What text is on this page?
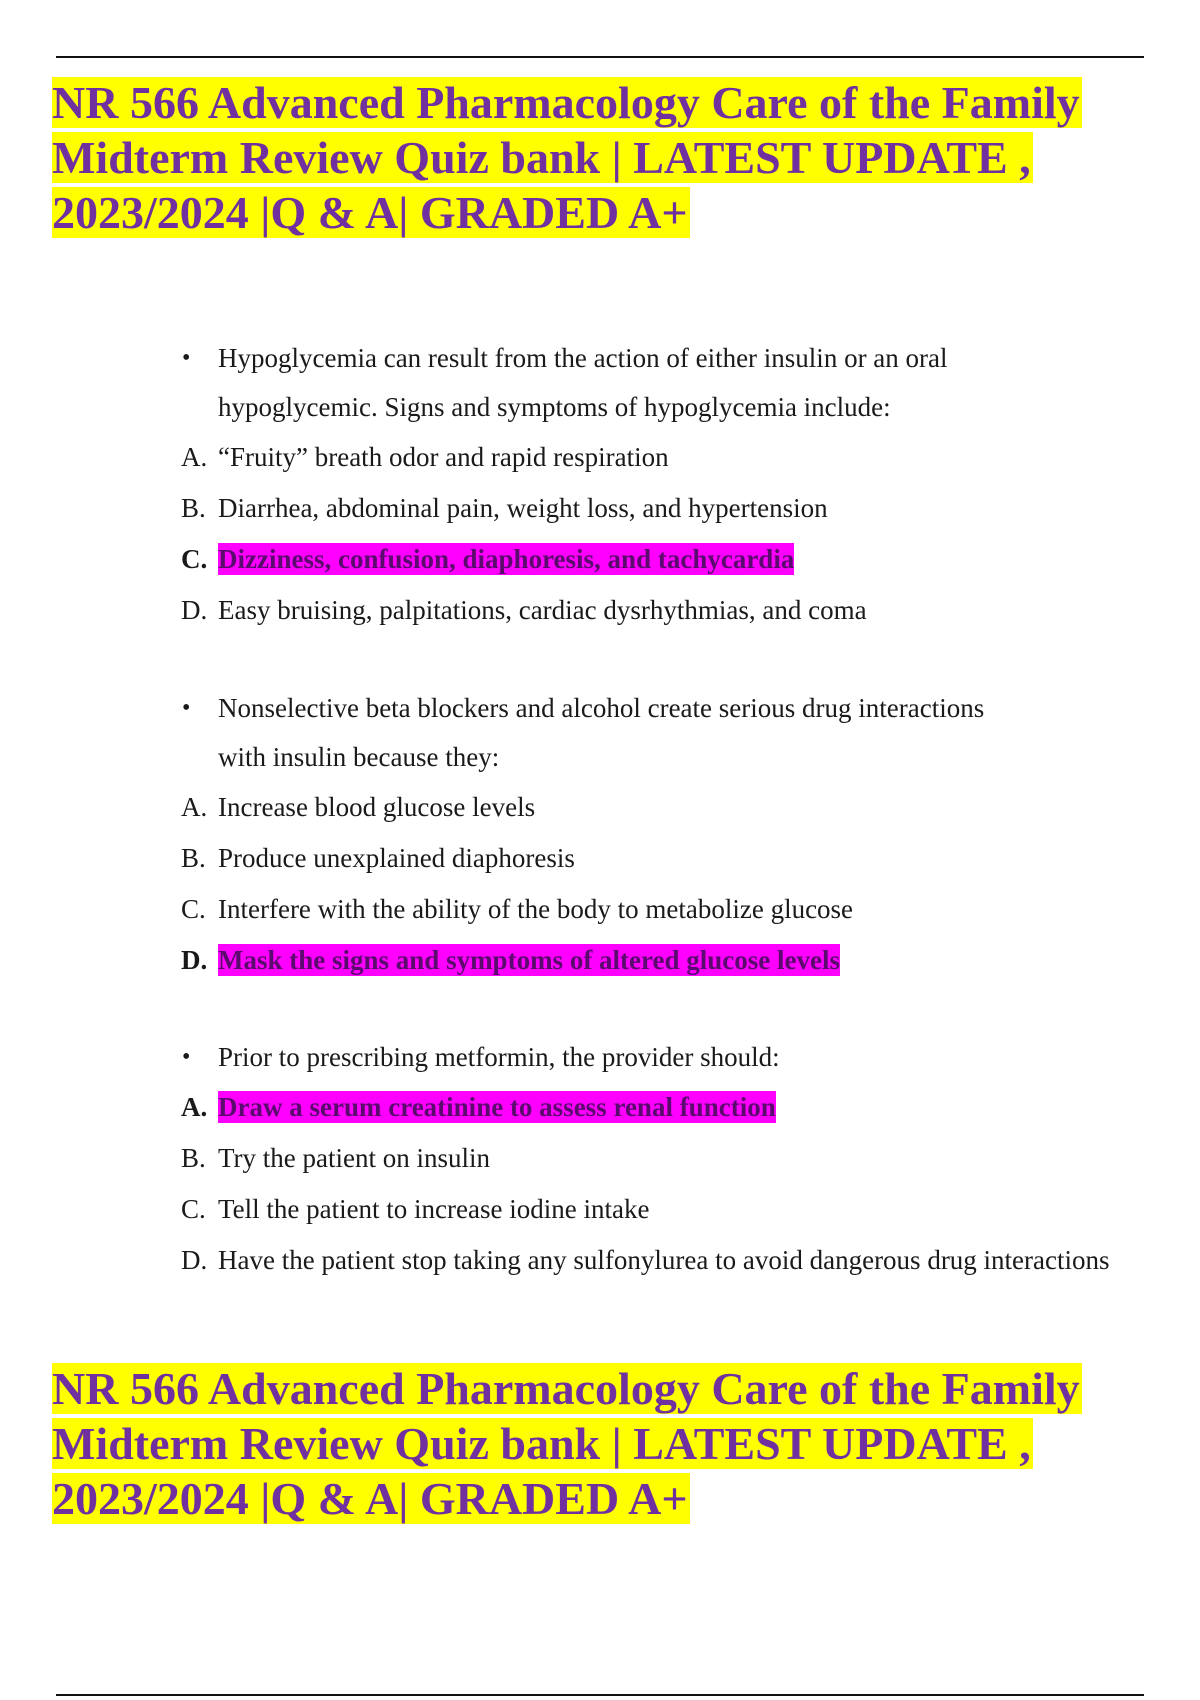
NR 566 Advanced Pharmacology Care of the Family
Midterm Review Quiz bank | LATEST UPDATE ,
2023/2024 |Q & A| GRADED A+

• Hypoglycemia can result from the action of either insulin or an oral hypoglycemic. Signs and symptoms of hypoglycemia include:

A. “Fruity” breath odor and rapid respiration
B. Diarrhea, abdominal pain, weight loss, and hypertension
C. Dizziness, confusion, diaphoresis, and tachycardia
D. Easy bruising, palpitations, cardiac dysrhythmias, and coma

• Nonselective beta blockers and alcohol create serious drug interactions with insulin because they:

A. Increase blood glucose levels
B. Produce unexplained diaphoresis
C. Interfere with the ability of the body to metabolize glucose
D. Mask the signs and symptoms of altered glucose levels

• Prior to prescribing metformin, the provider should:

A. Draw a serum creatinine to assess renal function
B. Try the patient on insulin
C. Tell the patient to increase iodine intake
D. Have the patient stop taking any sulfonylurea to avoid dangerous drug interactions
NR 566 Advanced Pharmacology Care of the Family
Midterm Review Quiz bank | LATEST UPDATE ,
2023/2024 |Q & A| GRADED A+
